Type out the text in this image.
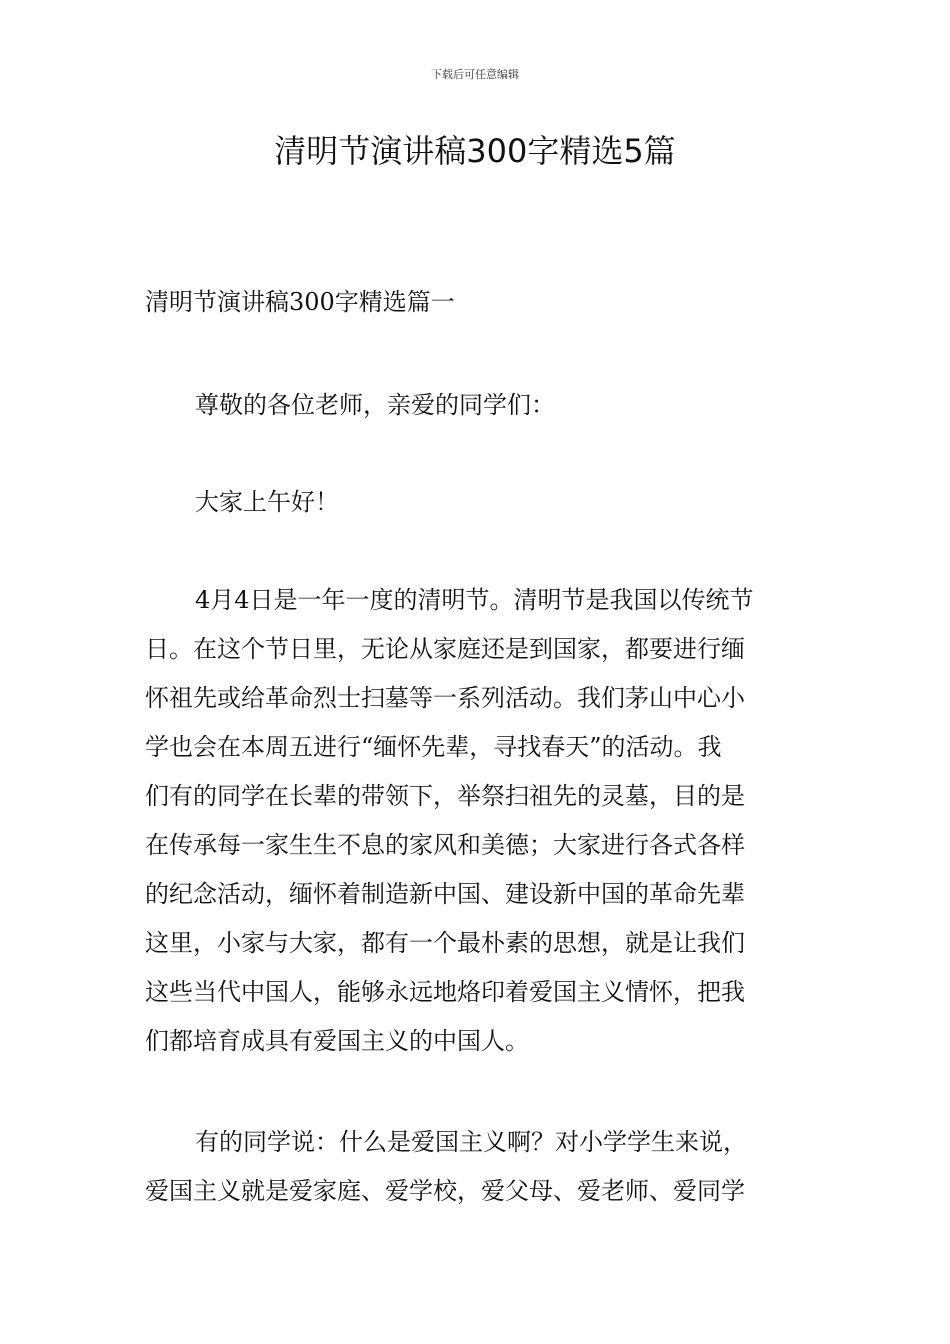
下载后可任意编辑
清明节演讲稿300字精选5篇

清明节演讲稿300字精选篇一

尊敬的各位老师，亲爱的同学们：

大家上午好！

4月4日是一年一度的清明节。清明节是我国以传统节
日。在这个节日里，无论从家庭还是到国家，都要进行缅
怀祖先或给革命烈士扫墓等一系列活动。我们茅山中心小
学也会在本周五进行“缅怀先辈，寻找春天”的活动。我
们有的同学在长辈的带领下，举祭扫祖先的灵墓，目的是
在传承每一家生生不息的家风和美德；大家进行各式各样
的纪念活动，缅怀着制造新中国、建设新中国的革命先辈
这里，小家与大家，都有一个最朴素的思想，就是让我们
这些当代中国人，能够永远地烙印着爱国主义情怀，把我
们都培育成具有爱国主义的中国人。

有的同学说：什么是爱国主义啊？对小学学生来说，
爱国主义就是爱家庭、爱学校，爱父母、爱老师、爱同学
